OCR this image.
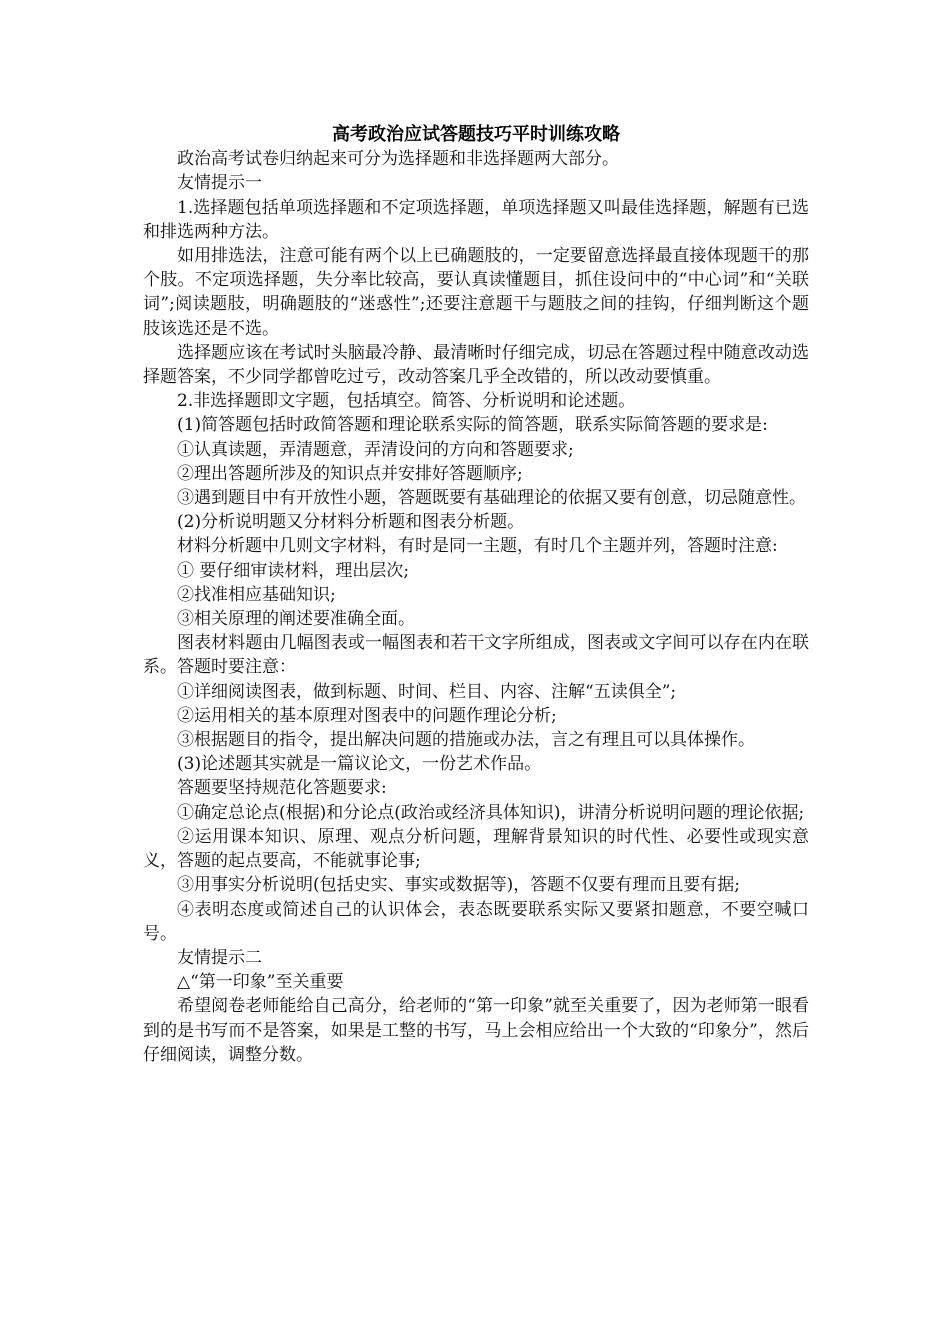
高考政治应试答题技巧平时训练攻略

政治高考试卷归纳起来可分为选择题和非选择题两大部分。

友情提示一

1.选择题包括单项选择题和不定项选择题，单项选择题又叫最佳选择题，解题有已选和排选两种方法。

如用排选法，注意可能有两个以上已确题肢的，一定要留意选择最直接体现题干的那个肢。不定项选择题，失分率比较高，要认真读懂题目，抓住设问中的“中心词”和“关联词”;阅读题肢，明确题肢的“迷惑性”;还要注意题干与题肢之间的挂钩，仔细判断这个题肢该选还是不选。

选择题应该在考试时头脑最冷静、最清晰时仔细完成，切忌在答题过程中随意改动选择题答案，不少同学都曾吃过亏，改动答案几乎全改错的，所以改动要慎重。

2.非选择题即文字题，包括填空。简答、分析说明和论述题。

(1)简答题包括时政简答题和理论联系实际的简答题，联系实际简答题的要求是:

①认真读题，弄清题意，弄清设问的方向和答题要求;

②理出答题所涉及的知识点并安排好答题顺序;

③遇到题目中有开放性小题，答题既要有基础理论的依据又要有创意，切忌随意性。

(2)分析说明题又分材料分析题和图表分析题。

材料分析题中几则文字材料，有时是同一主题，有时几个主题并列，答题时注意:

① 要仔细审读材料，理出层次;

②找准相应基础知识;

③相关原理的阐述要准确全面。

图表材料题由几幅图表或一幅图表和若干文字所组成，图表或文字间可以存在内在联系。答题时要注意：

①详细阅读图表，做到标题、时间、栏目、内容、注解“五读俱全”;

②运用相关的基本原理对图表中的问题作理论分析;

③根据题目的指令，提出解决问题的措施或办法，言之有理且可以具体操作。

(3)论述题其实就是一篇议论文，一份艺术作品。

答题要坚持规范化答题要求:

①确定总论点(根据)和分论点(政治或经济具体知识)，讲清分析说明问题的理论依据;

②运用课本知识、原理、观点分析问题，理解背景知识的时代性、必要性或现实意义，答题的起点要高，不能就事论事;

③用事实分析说明(包括史实、事实或数据等)，答题不仅要有理而且要有据;

④表明态度或简述自己的认识体会，表态既要联系实际又要紧扣题意，不要空喊口号。

友情提示二

△“第一印象”至关重要

希望阅卷老师能给自己高分，给老师的“第一印象”就至关重要了，因为老师第一眼看到的是书写而不是答案，如果是工整的书写，马上会相应给出一个大致的“印象分”，然后仔细阅读，调整分数。
